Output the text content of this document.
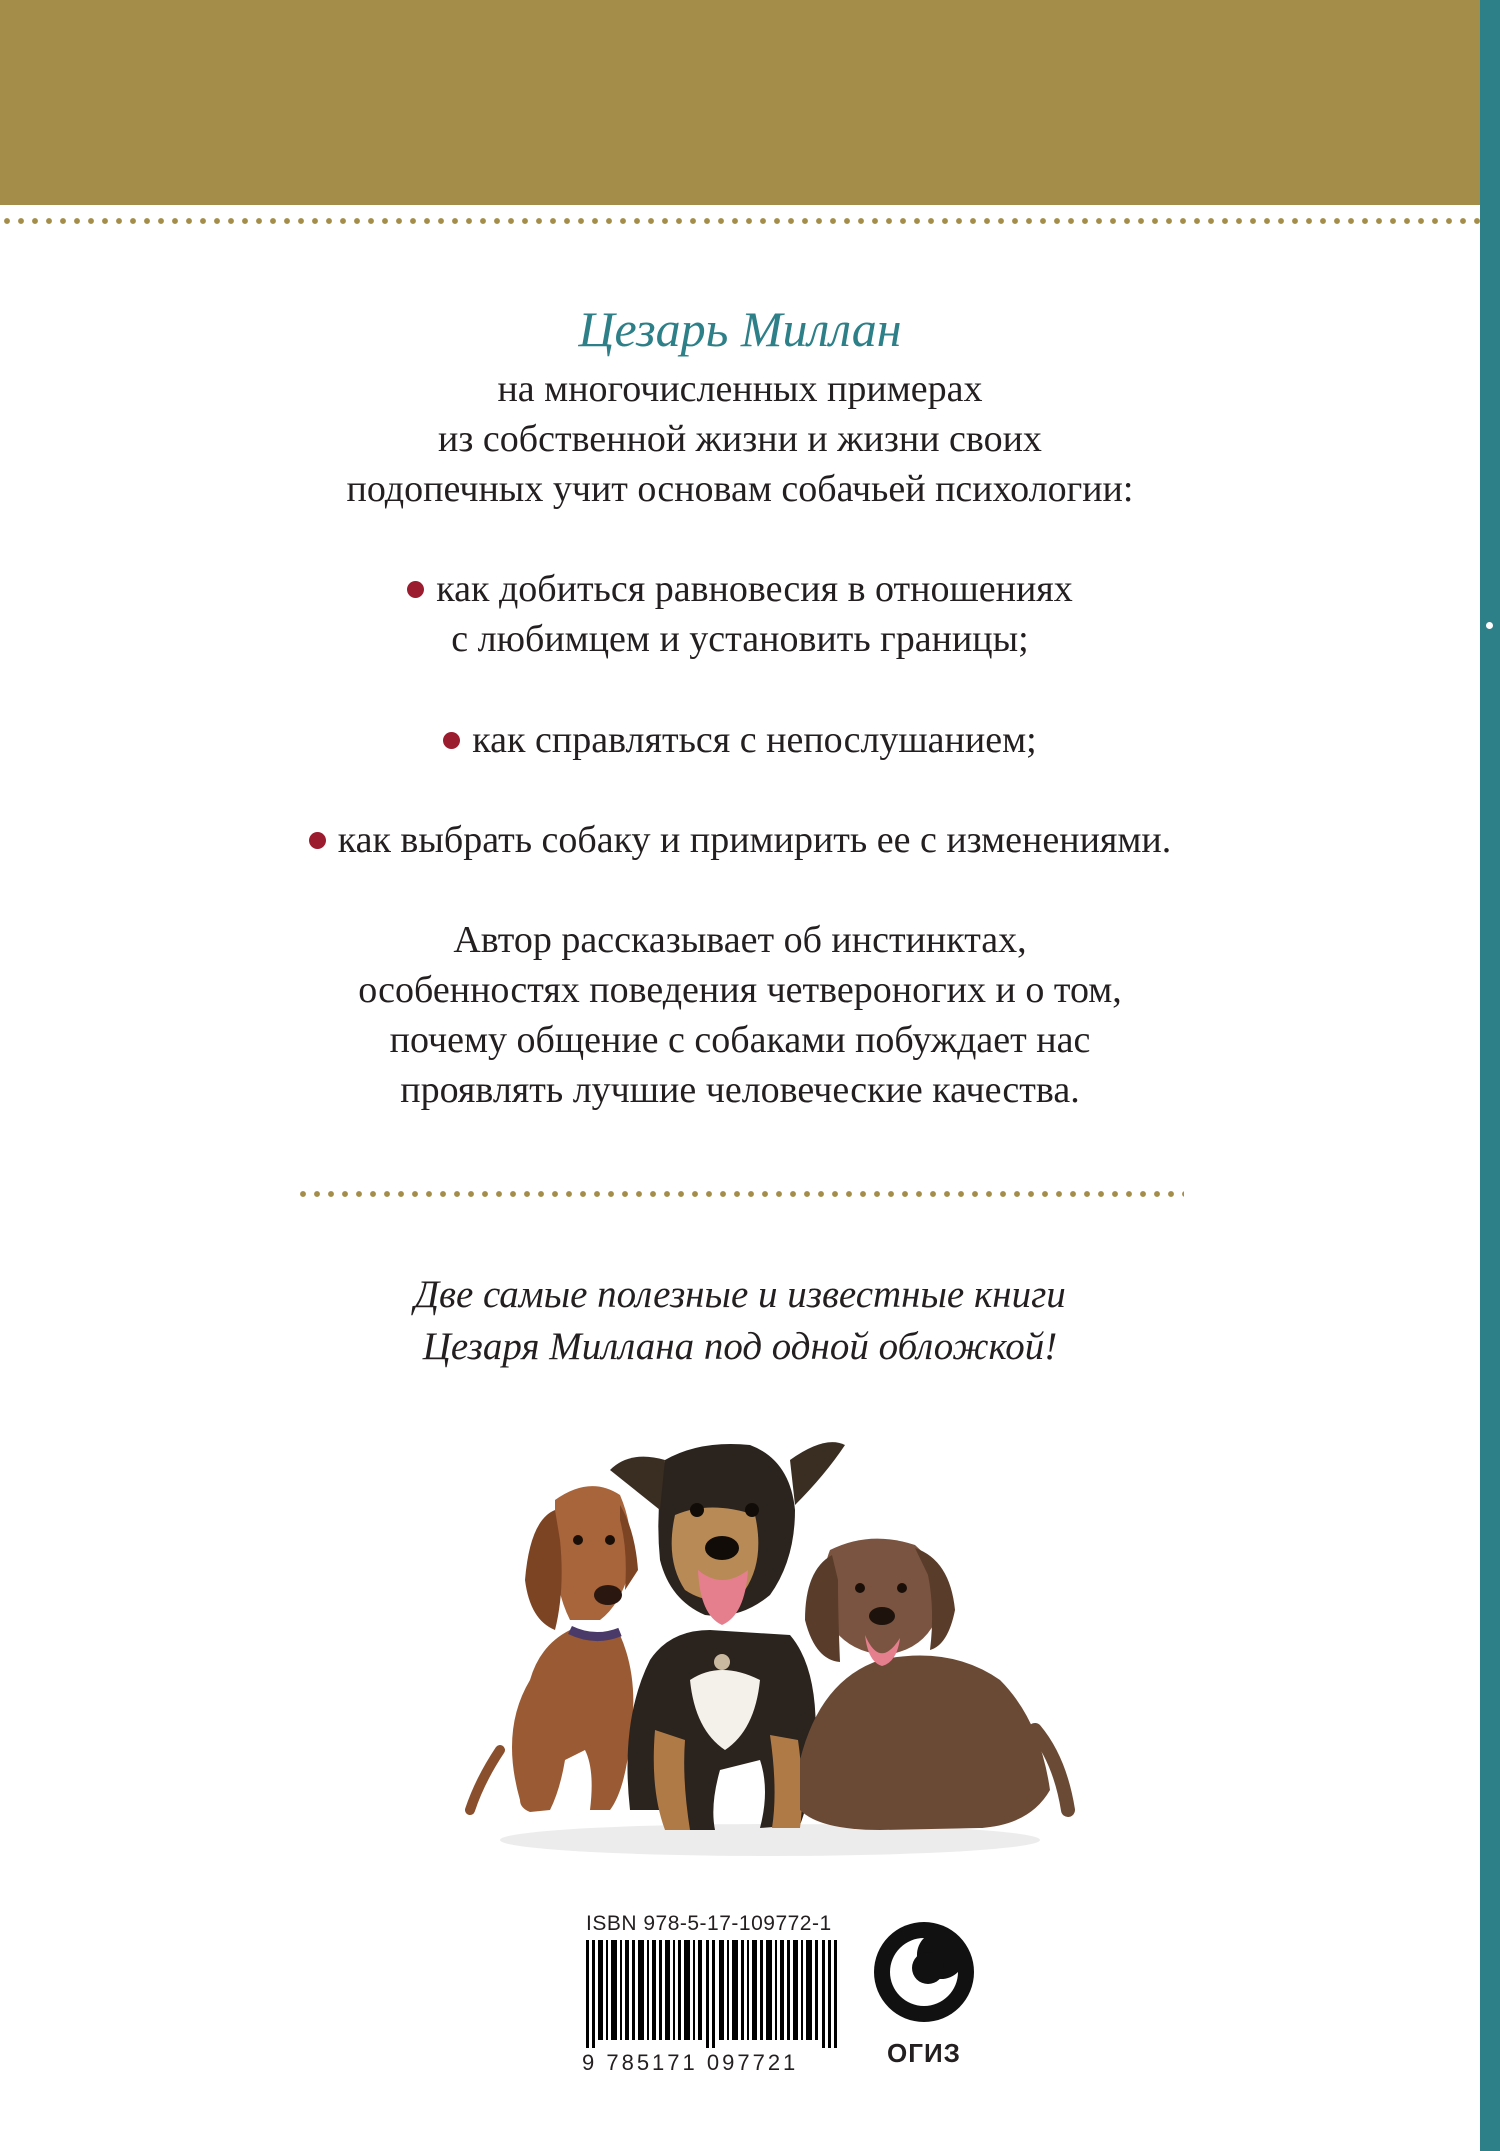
Цезарь Миллан
на многочисленных примерах
из собственной жизни и жизни своих
подопечных учит основам собачьей психологии:
как добиться равновесия в отношениях
с любимцем и установить границы;
как справляться с непослушанием;
как выбрать собаку и примирить ее с изменениями.
Автор рассказывает об инстинктах,
особенностях поведения четвероногих и о том,
почему общение с собаками побуждает нас
проявлять лучшие человеческие качества.
Две самые полезные и известные книги
Цезаря Миллана под одной обложкой!
ISBN 978-5-17-109772-1
9 785171 097721	ОГИЗ
